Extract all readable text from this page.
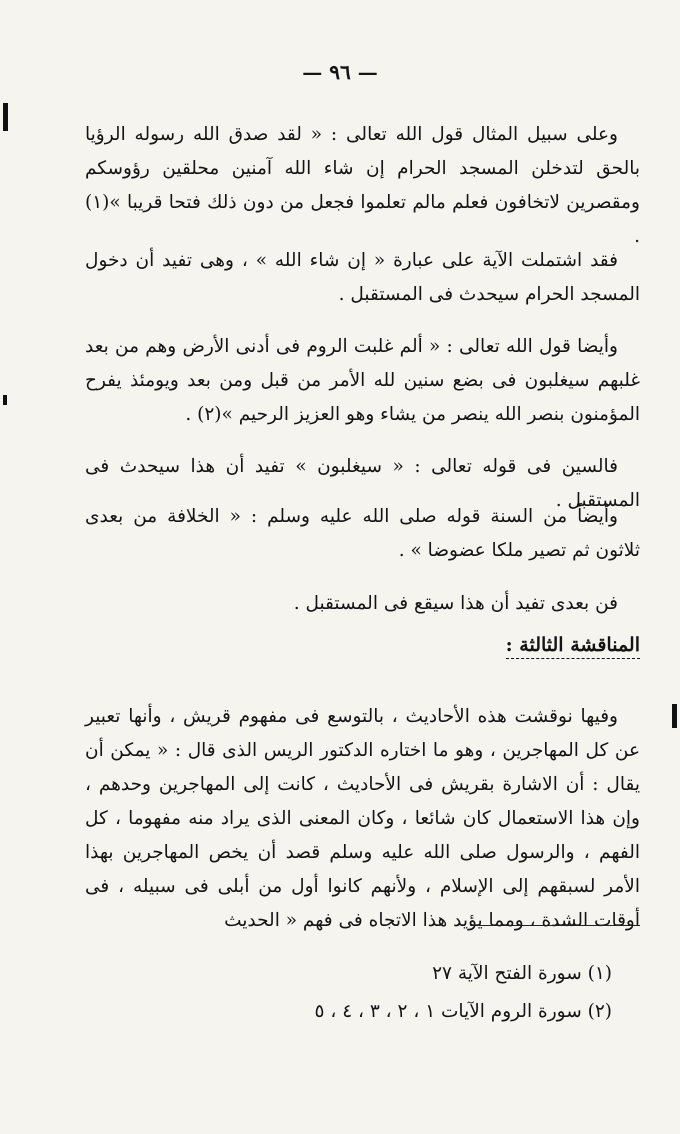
— ٩٦ —

وعلى سبيل المثال قول الله تعالى : « لقد صدق الله رسوله الرؤيا بالحق لتدخلن المسجد الحرام إن شاء الله آمنين محلقين رؤوسكم ومقصرين لاتخافون فعلم مالم تعلموا فجعل من دون ذلك فتحا قريبا »(١) .

فقد اشتملت الآية على عبارة « إن شاء الله » ، وهى تفيد أن دخول المسجد الحرام سيحدث فى المستقبل .

وأيضا قول الله تعالى : « ألم غلبت الروم فى أدنى الأرض وهم من بعد غلبهم سيغلبون فى بضع سنين لله الأمر من قبل ومن بعد ويومئذ يفرح المؤمنون بنصر الله ينصر من يشاء وهو العزيز الرحيم »(٢) .

فالسين فى قوله تعالى : « سيغلبون » تفيد أن هذا سيحدث فى المستقبل .

وأيضاً من السنة قوله صلى الله عليه وسلم : « الخلافة من بعدى ثلاثون ثم تصير ملكا عضوضا » .

فن بعدى تفيد أن هذا سيقع فى المستقبل .

المناقشة الثالثة :

وفيها نوقشت هذه الأحاديث ، بالتوسع فى مفهوم قريش ، وأنها تعبير عن كل المهاجرين ، وهو ما اختاره الدكتور الريس الذى قال : « يمكن أن يقال : أن الاشارة بقريش فى الأحاديث ، كانت إلى المهاجرين وحدهم ، وإن هذا الاستعمال كان شائعا ، وكان المعنى الذى يراد منه مفهوما ، كل الفهم ، والرسول صلى الله عليه وسلم قصد أن يخص المهاجرين بهذا الأمر لسبقهم إلى الإسلام ، ولأنهم كانوا أول من أبلى فى سبيله ، فى أوقات الشدة ، ومما يؤيد هذا الاتجاه فى فهم « الحديث

(١) سورة الفتح الآية ٢٧
(٢) سورة الروم الآيات ١ ، ٢ ، ٣ ، ٤ ، ٥
